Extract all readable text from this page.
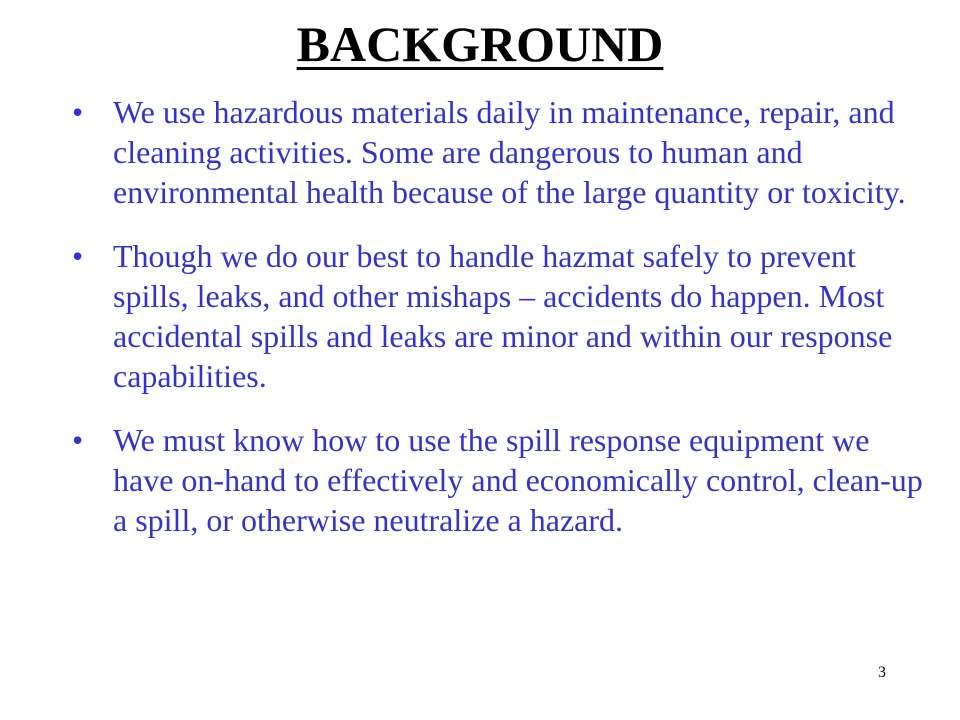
BACKGROUND
• We use hazardous materials daily in maintenance, repair, and cleaning activities. Some are dangerous to human and environmental health because of the large quantity or toxicity.
• Though we do our best to handle hazmat safely to prevent spills, leaks, and other mishaps – accidents do happen. Most accidental spills and leaks are minor and within our response capabilities.
• We must know how to use the spill response equipment we have on-hand to effectively and economically control, clean-up a spill, or otherwise neutralize a hazard.
3
